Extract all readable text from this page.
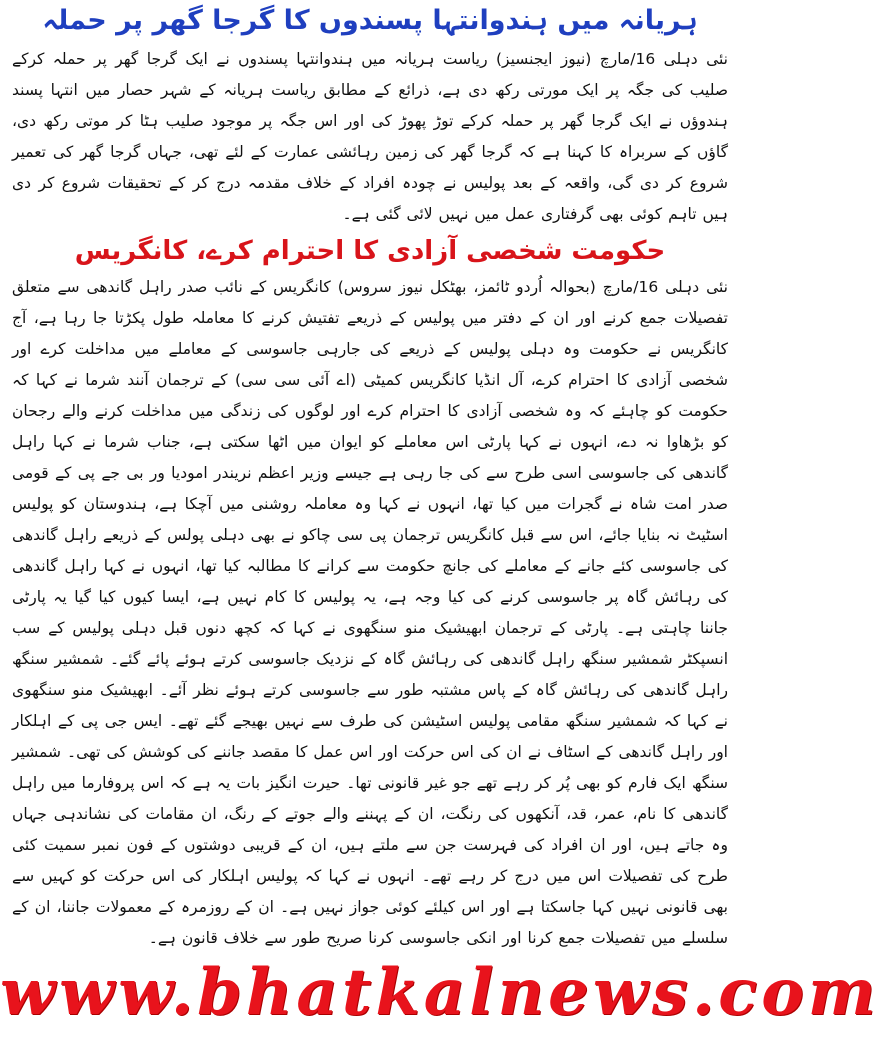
ہریانہ میں ہندوانتہا پسندوں کا گرجا گھر پر حملہ

نئی دہلی 16/مارچ (نیوز ایجنسیز) ریاست ہریانہ میں ہندوانتہا پسندوں نے ایک گرجا گھر پر حملہ کرکے صلیب کی جگہ پر ایک مورتی رکھ دی ہے، ذرائع کے مطابق ریاست ہریانہ کے شہر حصار میں انتہا پسند ہندوؤں نے ایک گرجا گھر پر حملہ کرکے توڑ پھوڑ کی اور اس جگہ پر موجود صلیب ہٹا کر موتی رکھ دی، گاؤں کے سربراہ کا کہنا ہے کہ گرجا گھر کی زمین رہائشی عمارت کے لئے تھی، جہاں گرجا گھر کی تعمیر شروع کر دی گی، واقعہ کے بعد پولیس نے چودہ افراد کے خلاف مقدمہ درج کر کے تحقیقات شروع کر دی ہیں تاہم کوئی بھی گرفتاری عمل میں نہیں لائی گئی ہے۔

حکومت شخصی آزادی کا احترام کرے، کانگریس

نئی دہلی 16/مارچ (بحوالہ اُردو ٹائمز، بھٹکل نیوز سروس) کانگریس کے نائب صدر راہل گاندھی سے متعلق تفصیلات جمع کرنے اور ان کے دفتر میں پولیس کے ذریعے تفتیش کرنے کا معاملہ طول پکڑتا جا رہا ہے، آج کانگریس نے حکومت وہ دہلی پولیس کے ذریعے کی جارہی جاسوسی کے معاملے میں مداخلت کرے اور شخصی آزادی کا احترام کرے، آل انڈیا کانگریس کمیٹی (اے آئی سی سی) کے ترجمان آنند شرما نے کہا کہ حکومت کو چاہئے کہ وہ شخصی آزادی کا احترام کرے اور لوگوں کی زندگی میں مداخلت کرنے والے رجحان کو بڑھاوا نہ دے، انہوں نے کہا پارٹی اس معاملے کو ایوان میں اٹھا سکتی ہے، جناب شرما نے کہا راہل گاندھی کی جاسوسی اسی طرح سے کی جا رہی ہے جیسے وزیر اعظم نریندر امودیا ور بی جے پی کے قومی صدر امت شاہ نے گجرات میں کیا تھا، انہوں نے کہا وہ معاملہ روشنی میں آچکا ہے، ہندوستان کو پولیس اسٹیٹ نہ بنایا جائے، اس سے قبل کانگریس ترجمان پی سی چاکو نے بھی دہلی پولس کے ذریعے راہل گاندھی کی جاسوسی کئے جانے کے معاملے کی جانچ حکومت سے کرانے کا مطالبہ کیا تھا، انہوں نے کہا راہل گاندھی کی رہائش گاہ پر جاسوسی کرنے کی کیا وجہ ہے، یہ پولیس کا کام نہیں ہے، ایسا کیوں کیا گیا یہ پارٹی جاننا چاہتی ہے۔ پارٹی کے ترجمان ابھیشیک منو سنگھوی نے کہا کہ کچھ دنوں قبل دہلی پولیس کے سب انسپکٹر شمشیر سنگھ راہل گاندھی کی رہائش گاہ کے نزدیک جاسوسی کرتے ہوئے پائے گئے۔ شمشیر سنگھ راہل گاندھی کی رہائش گاہ کے پاس مشتبہ طور سے جاسوسی کرتے ہوئے نظر آئے۔ ابھیشیک منو سنگھوی نے کہا کہ شمشیر سنگھ مقامی پولیس اسٹیشن کی طرف سے نہیں بھیجے گئے تھے۔ ایس جی پی کے اہلکار اور راہل گاندھی کے اسٹاف نے ان کی اس حرکت اور اس عمل کا مقصد جاننے کی کوشش کی تھی۔ شمشیر سنگھ ایک فارم کو بھی پُر کر رہے تھے جو غیر قانونی تھا۔ حیرت انگیز بات یہ ہے کہ اس پروفارما میں راہل گاندھی کا نام، عمر، قد، آنکھوں کی رنگت، ان کے پہننے والے جوتے کے رنگ، ان مقامات کی نشاندہی جہاں وہ جاتے ہیں، اور ان افراد کی فہرست جن سے ملتے ہیں، ان کے قریبی دوشتوں کے فون نمبر سمیت کئی طرح کی تفصیلات اس میں درج کر رہے تھے۔ انہوں نے کہا کہ پولیس اہلکار کی اس حرکت کو کہیں سے بھی قانونی نہیں کہا جاسکتا ہے اور اس کیلئے کوئی جواز نہیں ہے۔ ان کے روزمرہ کے معمولات جاننا، ان کے سلسلے میں تفصیلات جمع کرنا اور انکی جاسوسی کرنا صریح طور سے خلاف قانون ہے۔

www.bhatkalnews.com
